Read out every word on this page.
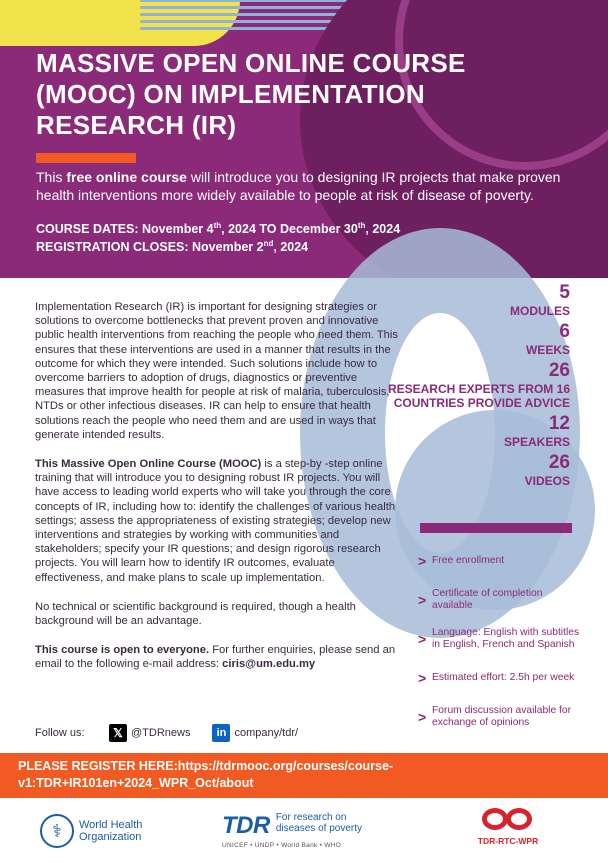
MASSIVE OPEN ONLINE COURSE (MOOC) ON IMPLEMENTATION RESEARCH (IR)

This free online course will introduce you to designing IR projects that make proven health interventions more widely available to people at risk of disease of poverty.

COURSE DATES: November 4th, 2024 TO December 30th, 2024
REGISTRATION CLOSES: November 2nd, 2024

Implementation Research (IR) is important for designing strategies or solutions to overcome bottlenecks that prevent proven and innovative public health interventions from reaching the people who need them. This ensures that these interventions are used in a manner that results in the outcome for which they were intended. Such solutions include how to overcome barriers to adoption of drugs, diagnostics or preventive measures that improve health for people at risk of malaria, tuberculosis, NTDs or other infectious diseases. IR can help to ensure that health solutions reach the people who need them and are used in ways that generate intended results.

This Massive Open Online Course (MOOC) is a step-by -step online training that will introduce you to designing robust IR projects. You will have access to leading world experts who will take you through the core concepts of IR, including how to: identify the challenges of various health settings; assess the appropriateness of existing strategies; develop new interventions and strategies by working with communities and stakeholders; specify your IR questions; and design rigorous research projects. You will learn how to identify IR outcomes, evaluate effectiveness, and make plans to scale up implementation.

No technical or scientific background is required, though a health background will be an advantage.

This course is open to everyone. For further enquiries, please send an email to the following e-mail address: ciris@um.edu.my

Follow us:	𝕏 @TDRnews	in company/tdr/
5
MODULES
6
WEEKS
26
RESEARCH EXPERTS FROM 16 COUNTRIES PROVIDE ADVICE
12
SPEAKERS
26
VIDEOS
> Free enrollment
> Certificate of completion available
> Language: English with subtitles in English, French and Spanish
> Estimated effort: 2.5h per week
> Forum discussion available for exchange of opinions
PLEASE REGISTER HERE:https://tdrmooc.org/courses/course-v1:TDR+IR101en+2024_WPR_Oct/about
⚕	World Health Organization	TDR For research on diseases of poverty
UNICEF • UNDP • World Bank • WHO	TDR-RTC-WPR
